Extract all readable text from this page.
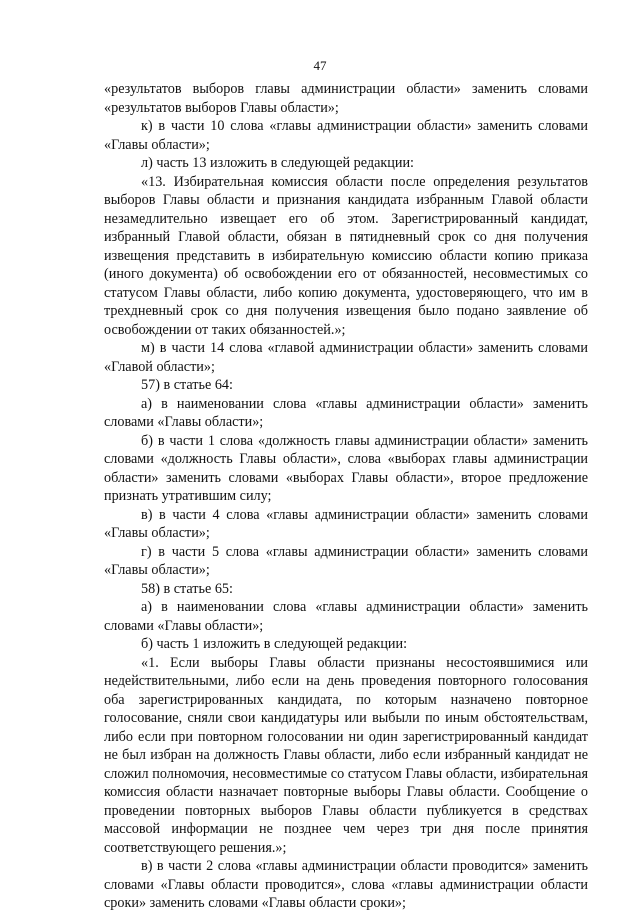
47

«результатов выборов главы администрации области» заменить словами «результатов выборов Главы области»;

к) в части 10 слова «главы администрации области» заменить словами «Главы области»;

л) часть 13 изложить в следующей редакции:

«13. Избирательная комиссия области после определения результатов выборов Главы области и признания кандидата избранным Главой области незамедлительно извещает его об этом. Зарегистрированный кандидат, избранный Главой области, обязан в пятидневный срок со дня получения извещения представить в избирательную комиссию области копию приказа (иного документа) об освобождении его от обязанностей, несовместимых со статусом Главы области, либо копию документа, удостоверяющего, что им в трехдневный срок со дня получения извещения было подано заявление об освобождении от таких обязанностей.»;

м) в части 14 слова «главой администрации области» заменить словами «Главой области»;

57) в статье 64:

а) в наименовании слова «главы администрации области» заменить словами «Главы области»;

б) в части 1 слова «должность главы администрации области» заменить словами «должность Главы области», слова «выборах главы администрации области» заменить словами «выборах Главы области», второе предложение признать утратившим силу;

в) в части 4 слова «главы администрации области» заменить словами «Главы области»;

г) в части 5 слова «главы администрации области» заменить словами «Главы области»;

58) в статье 65:

а) в наименовании слова «главы администрации области» заменить словами «Главы области»;

б) часть 1 изложить в следующей редакции:

«1. Если выборы Главы области признаны несостоявшимися или недействительными, либо если на день проведения повторного голосования оба зарегистрированных кандидата, по которым назначено повторное голосование, сняли свои кандидатуры или выбыли по иным обстоятельствам, либо если при повторном голосовании ни один зарегистрированный кандидат не был избран на должность Главы области, либо если избранный кандидат не сложил полномочия, несовместимые со статусом Главы области, избирательная комиссия области назначает повторные выборы Главы области. Сообщение о проведении повторных выборов Главы области публикуется в средствах массовой информации не позднее чем через три дня после принятия соответствующего решения.»;

в) в части 2 слова «главы администрации области проводится» заменить словами «Главы области проводится», слова «главы администрации области сроки» заменить словами «Главы области сроки»;
